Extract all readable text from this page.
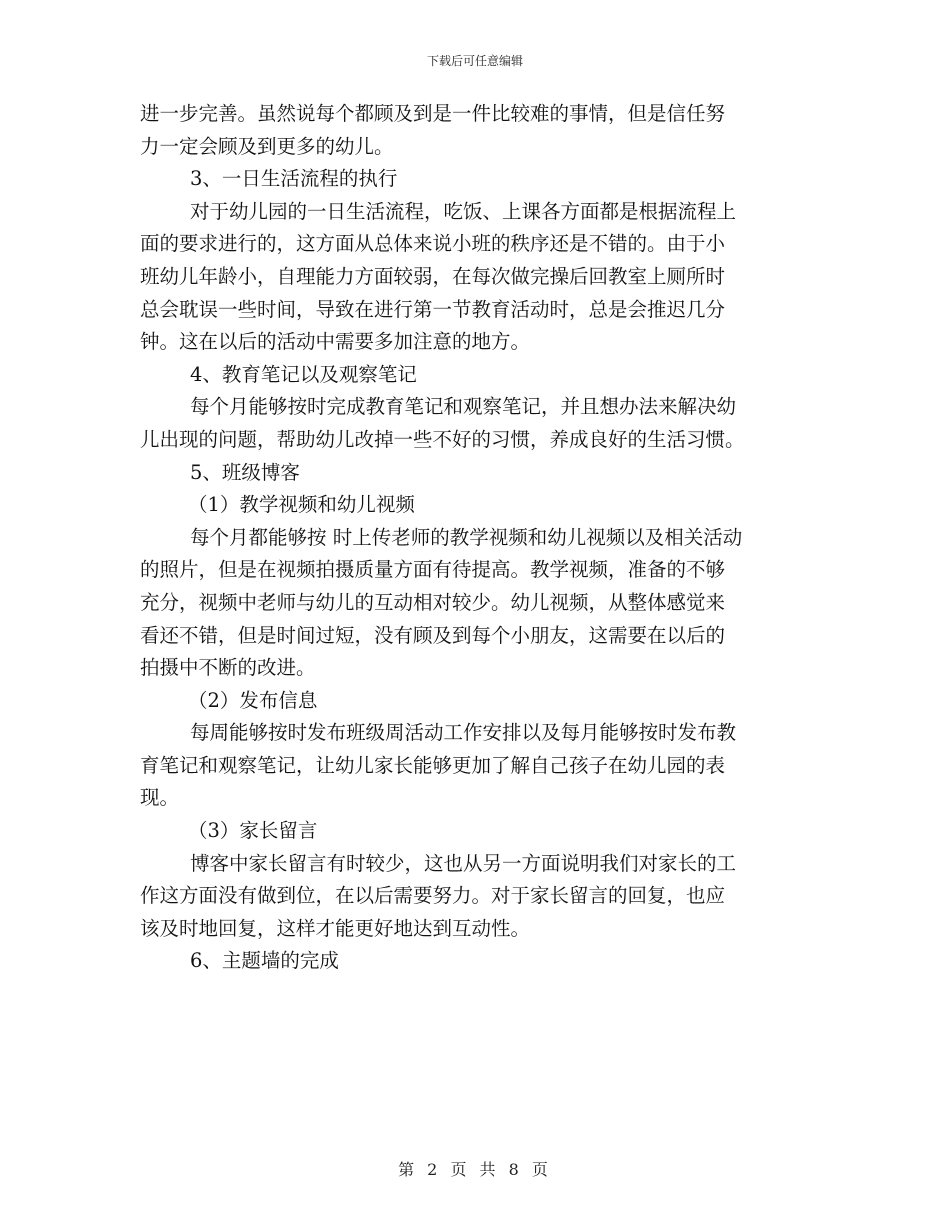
下载后可任意编辑
进一步完善。虽然说每个都顾及到是一件比较难的事情，但是信任努
力一定会顾及到更多的幼儿。
3、一日生活流程的执行
对于幼儿园的一日生活流程，吃饭、上课各方面都是根据流程上
面的要求进行的，这方面从总体来说小班的秩序还是不错的。由于小
班幼儿年龄小，自理能力方面较弱，在每次做完操后回教室上厕所时
总会耽误一些时间，导致在进行第一节教育活动时，总是会推迟几分
钟。这在以后的活动中需要多加注意的地方。
4、教育笔记以及观察笔记
每个月能够按时完成教育笔记和观察笔记，并且想办法来解决幼
儿出现的问题，帮助幼儿改掉一些不好的习惯，养成良好的生活习惯。
5、班级博客
（1）教学视频和幼儿视频
每个月都能够按 时上传老师的教学视频和幼儿视频以及相关活动
的照片，但是在视频拍摄质量方面有待提高。教学视频，准备的不够
充分，视频中老师与幼儿的互动相对较少。幼儿视频，从整体感觉来
看还不错，但是时间过短，没有顾及到每个小朋友，这需要在以后的
拍摄中不断的改进。
（2）发布信息
每周能够按时发布班级周活动工作安排以及每月能够按时发布教
育笔记和观察笔记，让幼儿家长能够更加了解自己孩子在幼儿园的表
现。
（3）家长留言
博客中家长留言有时较少，这也从另一方面说明我们对家长的工
作这方面没有做到位，在以后需要努力。对于家长留言的回复，也应
该及时地回复，这样才能更好地达到互动性。
6、主题墙的完成
第 2 页 共 8 页
